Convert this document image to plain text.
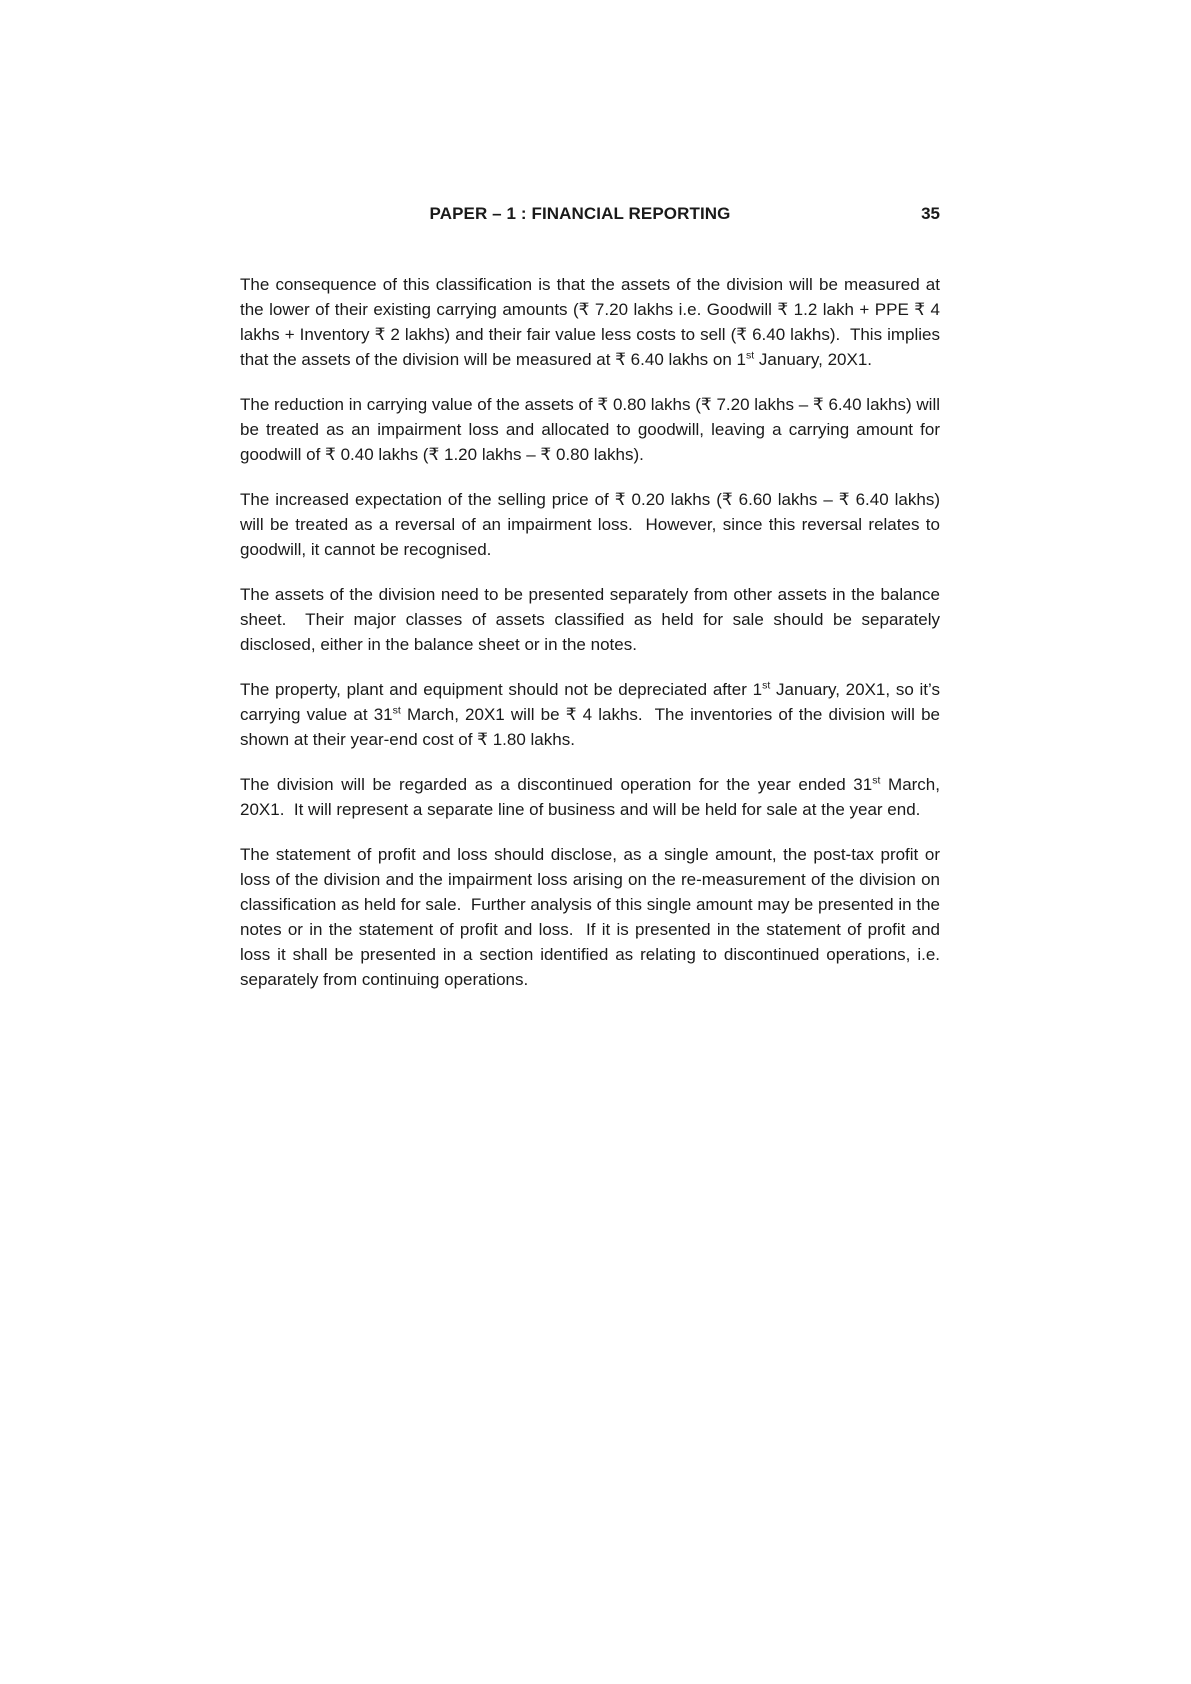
PAPER – 1 : FINANCIAL REPORTING	35

The consequence of this classification is that the assets of the division will be measured at the lower of their existing carrying amounts (₹ 7.20 lakhs i.e. Goodwill ₹ 1.2 lakh + PPE ₹ 4 lakhs + Inventory ₹ 2 lakhs) and their fair value less costs to sell (₹ 6.40 lakhs).  This implies that the assets of the division will be measured at ₹ 6.40 lakhs on 1st January, 20X1.

The reduction in carrying value of the assets of ₹ 0.80 lakhs (₹ 7.20 lakhs – ₹ 6.40 lakhs) will be treated as an impairment loss and allocated to goodwill, leaving a carrying amount for goodwill of ₹ 0.40 lakhs (₹ 1.20 lakhs – ₹ 0.80 lakhs).

The increased expectation of the selling price of ₹ 0.20 lakhs (₹ 6.60 lakhs – ₹ 6.40 lakhs) will be treated as a reversal of an impairment loss.  However, since this reversal relates to goodwill, it cannot be recognised.

The assets of the division need to be presented separately from other assets in the balance sheet.  Their major classes of assets classified as held for sale should be separately disclosed, either in the balance sheet or in the notes.

The property, plant and equipment should not be depreciated after 1st January, 20X1, so it’s carrying value at 31st March, 20X1 will be ₹ 4 lakhs.  The inventories of the division will be shown at their year-end cost of ₹ 1.80 lakhs.

The division will be regarded as a discontinued operation for the year ended 31st March, 20X1.  It will represent a separate line of business and will be held for sale at the year end.

The statement of profit and loss should disclose, as a single amount, the post-tax profit or loss of the division and the impairment loss arising on the re-measurement of the division on classification as held for sale.  Further analysis of this single amount may be presented in the notes or in the statement of profit and loss.  If it is presented in the statement of profit and loss it shall be presented in a section identified as relating to discontinued operations, i.e. separately from continuing operations.
